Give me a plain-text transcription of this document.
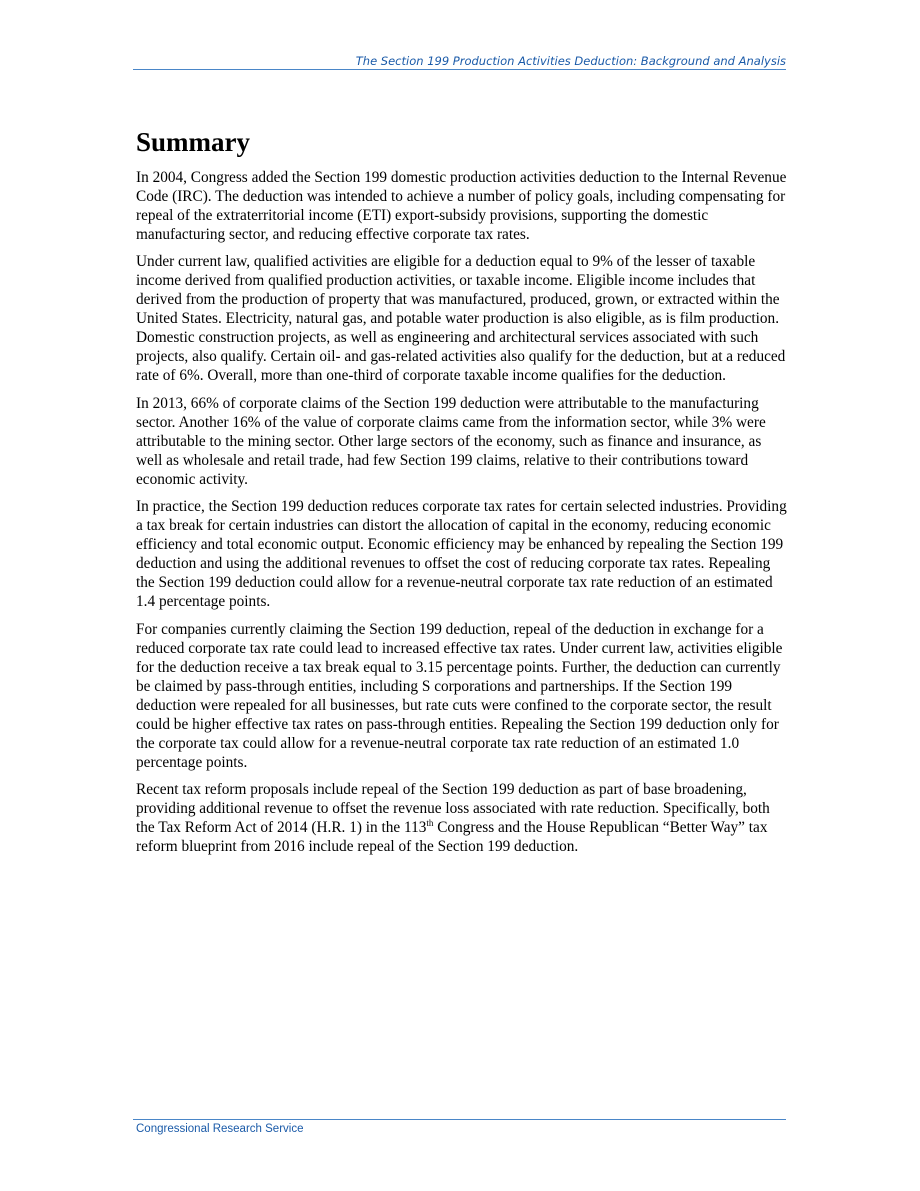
The Section 199 Production Activities Deduction: Background and Analysis
Summary

In 2004, Congress added the Section 199 domestic production activities deduction to the Internal Revenue Code (IRC). The deduction was intended to achieve a number of policy goals, including compensating for repeal of the extraterritorial income (ETI) export-subsidy provisions, supporting the domestic manufacturing sector, and reducing effective corporate tax rates.

Under current law, qualified activities are eligible for a deduction equal to 9% of the lesser of taxable income derived from qualified production activities, or taxable income. Eligible income includes that derived from the production of property that was manufactured, produced, grown, or extracted within the United States. Electricity, natural gas, and potable water production is also eligible, as is film production. Domestic construction projects, as well as engineering and architectural services associated with such projects, also qualify. Certain oil- and gas-related activities also qualify for the deduction, but at a reduced rate of 6%. Overall, more than one-third of corporate taxable income qualifies for the deduction.

In 2013, 66% of corporate claims of the Section 199 deduction were attributable to the manufacturing sector. Another 16% of the value of corporate claims came from the information sector, while 3% were attributable to the mining sector. Other large sectors of the economy, such as finance and insurance, as well as wholesale and retail trade, had few Section 199 claims, relative to their contributions toward economic activity.

In practice, the Section 199 deduction reduces corporate tax rates for certain selected industries. Providing a tax break for certain industries can distort the allocation of capital in the economy, reducing economic efficiency and total economic output. Economic efficiency may be enhanced by repealing the Section 199 deduction and using the additional revenues to offset the cost of reducing corporate tax rates. Repealing the Section 199 deduction could allow for a revenue-neutral corporate tax rate reduction of an estimated 1.4 percentage points.

For companies currently claiming the Section 199 deduction, repeal of the deduction in exchange for a reduced corporate tax rate could lead to increased effective tax rates. Under current law, activities eligible for the deduction receive a tax break equal to 3.15 percentage points. Further, the deduction can currently be claimed by pass-through entities, including S corporations and partnerships. If the Section 199 deduction were repealed for all businesses, but rate cuts were confined to the corporate sector, the result could be higher effective tax rates on pass-through entities. Repealing the Section 199 deduction only for the corporate tax could allow for a revenue-neutral corporate tax rate reduction of an estimated 1.0 percentage points.

Recent tax reform proposals include repeal of the Section 199 deduction as part of base broadening, providing additional revenue to offset the revenue loss associated with rate reduction. Specifically, both the Tax Reform Act of 2014 (H.R. 1) in the 113th Congress and the House Republican “Better Way” tax reform blueprint from 2016 include repeal of the Section 199 deduction.

Congressional Research Service
